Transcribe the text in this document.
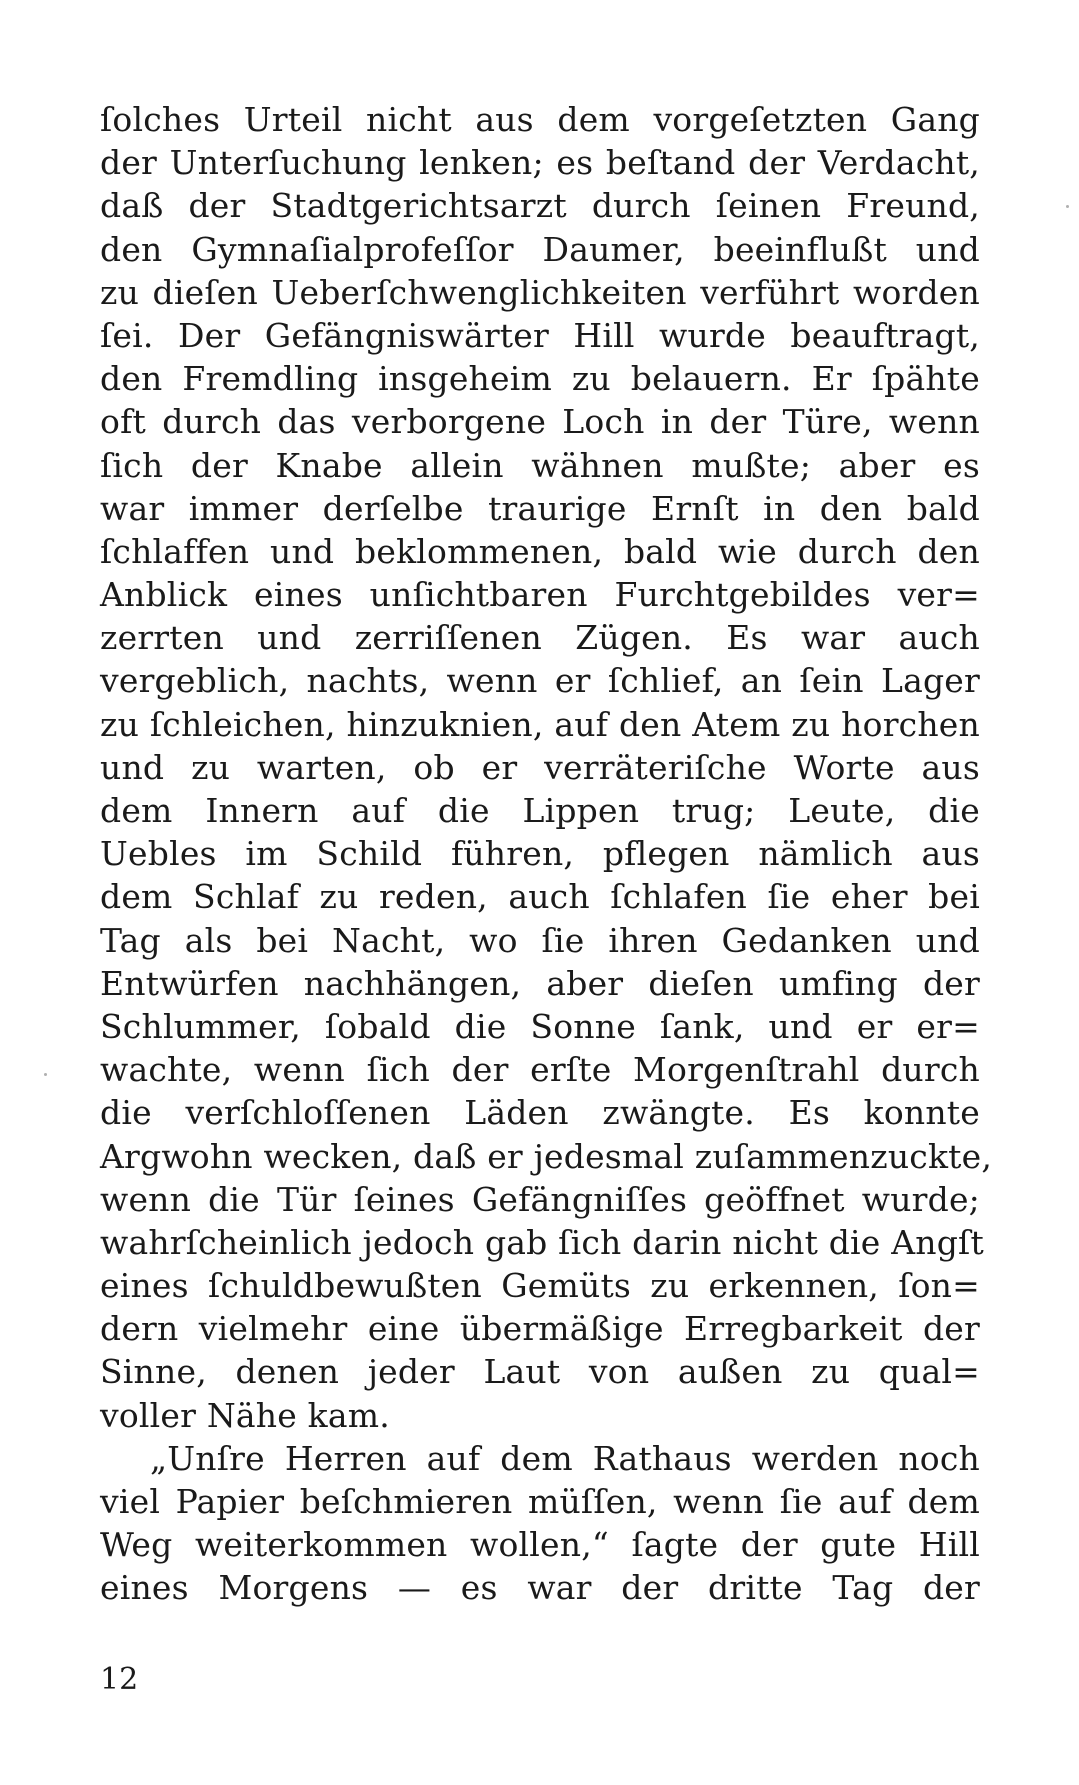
ſolches Urteil nicht aus dem vorgeſetzten Gang
der Unterſuchung lenken; es beſtand der Verdacht,
daß der Stadtgerichtsarzt durch ſeinen Freund,
den Gymnaſialprofeſſor Daumer, beeinflußt und
zu dieſen Ueberſchwenglichkeiten verführt worden
ſei. Der Gefängniswärter Hill wurde beauftragt,
den Fremdling insgeheim zu belauern. Er ſpähte
oft durch das verborgene Loch in der Türe, wenn
ſich der Knabe allein wähnen mußte; aber es
war immer derſelbe traurige Ernſt in den bald
ſchlaffen und beklommenen, bald wie durch den
Anblick eines unſichtbaren Furchtgebildes ver=
zerrten und zerriſſenen Zügen. Es war auch
vergeblich, nachts, wenn er ſchlief, an ſein Lager
zu ſchleichen, hinzuknien, auf den Atem zu horchen
und zu warten, ob er verräteriſche Worte aus
dem Innern auf die Lippen trug; Leute, die
Uebles im Schild führen, pflegen nämlich aus
dem Schlaf zu reden, auch ſchlafen ſie eher bei
Tag als bei Nacht, wo ſie ihren Gedanken und
Entwürfen nachhängen, aber dieſen umfing der
Schlummer, ſobald die Sonne ſank, und er er=
wachte, wenn ſich der erſte Morgenſtrahl durch
die verſchloſſenen Läden zwängte. Es konnte
Argwohn wecken, daß er jedesmal zuſammenzuckte,
wenn die Tür ſeines Gefängniſſes geöffnet wurde;
wahrſcheinlich jedoch gab ſich darin nicht die Angſt
eines ſchuldbewußten Gemüts zu erkennen, ſon=
dern vielmehr eine übermäßige Erregbarkeit der
Sinne, denen jeder Laut von außen zu qual=
voller Nähe kam.
„Unſre Herren auf dem Rathaus werden noch
viel Papier beſchmieren müſſen, wenn ſie auf dem
Weg weiterkommen wollen,“ ſagte der gute Hill
eines Morgens — es war der dritte Tag der
12
